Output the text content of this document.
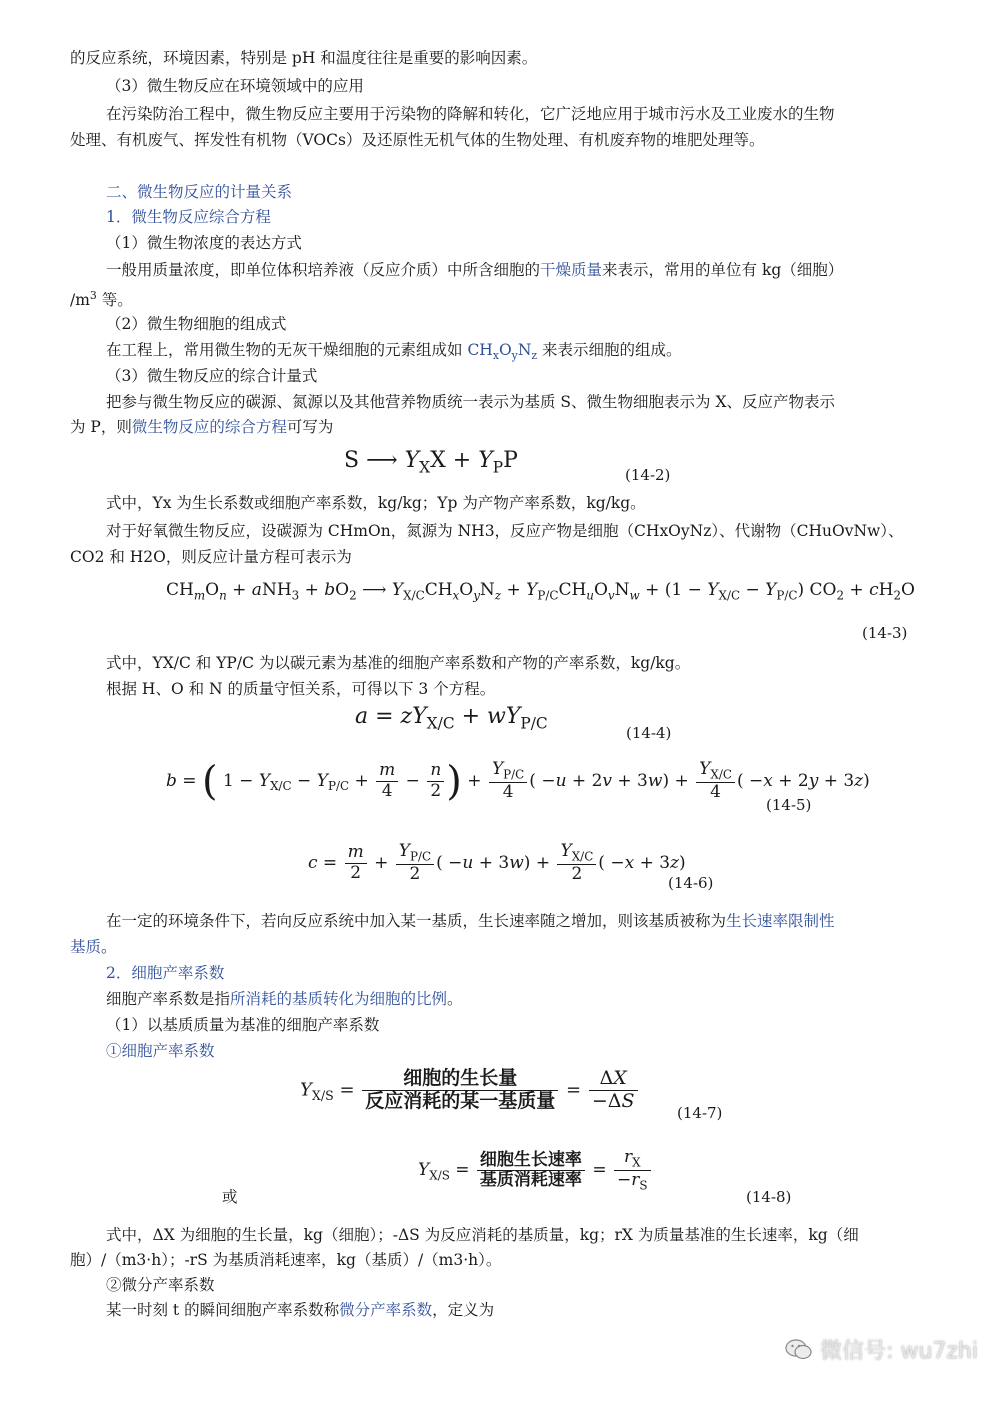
的反应系统，环境因素，特别是 pH 和温度往往是重要的影响因素。
（3）微生物反应在环境领域中的应用
在污染防治工程中，微生物反应主要用于污染物的降解和转化，它广泛地应用于城市污水及工业废水的生物
处理、有机废气、挥发性有机物（VOCs）及还原性无机气体的生物处理、有机废弃物的堆肥处理等。
二、微生物反应的计量关系
1．微生物反应综合方程
（1）微生物浓度的表达方式
一般用质量浓度，即单位体积培养液（反应介质）中所含细胞的干燥质量来表示，常用的单位有 kg（细胞）
$/m^3$ 等。
（2）微生物细胞的组成式
在工程上，常用微生物的无灰干燥细胞的元素组成如 $CH_xO_yN_z$ 来表示细胞的组成。
（3）微生物反应的综合计量式
把参与微生物反应的碳源、氮源以及其他营养物质统一表示为基质 S、微生物细胞表示为 X、反应产物表示
为 P，则微生物反应的综合方程可写为
S ⟶ $Y_XX + Y_PP$
(14-2)
式中，Yx 为生长系数或细胞产率系数，kg/kg；Yp 为产物产率系数，kg/kg。
对于好氧微生物反应，设碳源为 CHmOn，氮源为 NH3，反应产物是细胞（CHxOyNz）、代谢物（CHuOvNw）、
CO2 和 H2O，则反应计量方程可表示为
$CH_mO_n + aNH_3 + bO_2$ ⟶ $Y_{X/C}CH_xO_yN_z + Y_{P/C}CH_uO_vN_w + (1 - Y_{X/C} - Y_{P/C}) CO_2 + cH_2O$
(14-3)
式中，YX/C 和 YP/C 为以碳元素为基准的细胞产率系数和产物的产率系数，kg/kg。
根据 H、O 和 N 的质量守恒关系，可得以下 3 个方程。
$a = zY_{X/C} + wY_{P/C}$
(14-4)
b = ( $1 - Y_{X/C} - Y_{P/C} + \frac{m}{4} - \frac{n}{2}$ ) + $\frac{Y_{P/C}}{4}$ ( $-u + 2v + 3w) + \frac{Y_{X/C}}{4}$ ( −x + 2y + 3z)
(14-5)
$c = \frac{m}{2} + \frac{Y_{P/C}}{2}$ ( $-u + 3w) + \frac{Y_{X/C}}{2}$ ( −x + 3z)
(14-6)
在一定的环境条件下，若向反应系统中加入某一基质，生长速率随之增加，则该基质被称为生长速率限制性
基质。
2．细胞产率系数
细胞产率系数是指所消耗的基质转化为细胞的比例。
（1）以基质质量为基准的细胞产率系数
①细胞产率系数
$Y_{X/S} = \frac{\text{细胞的生长量}}{\text{反应消耗的某一基质量}} = \frac{\Delta X}{-\Delta S}$
(14-7)
$Y_{X/S} = \frac{\text{细胞生长速率}}{\text{基质消耗速率}} = \frac{r_X}{-r_S}$
或	(14-8)
式中，ΔX 为细胞的生长量，kg（细胞）；-ΔS 为反应消耗的基质量，kg；rX 为质量基准的生长速率，kg（细
胞）/（m3·h）；-rS 为基质消耗速率，kg（基质）/（m3·h）。
②微分产率系数
某一时刻 t 的瞬间细胞产率系数称微分产率系数，定义为
微信号: wu7zhi
